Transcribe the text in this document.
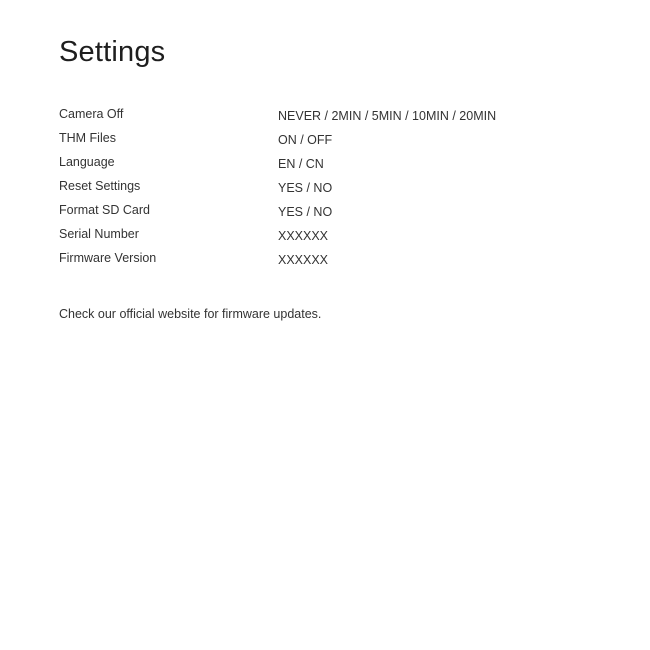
Settings
Camera Off	NEVER / 2MIN / 5MIN / 10MIN / 20MIN
THM Files	ON / OFF
Language	EN / CN
Reset Settings	YES / NO
Format SD Card	YES / NO
Serial Number	XXXXXX
Firmware Version	XXXXXX

Check our official website for firmware updates.
